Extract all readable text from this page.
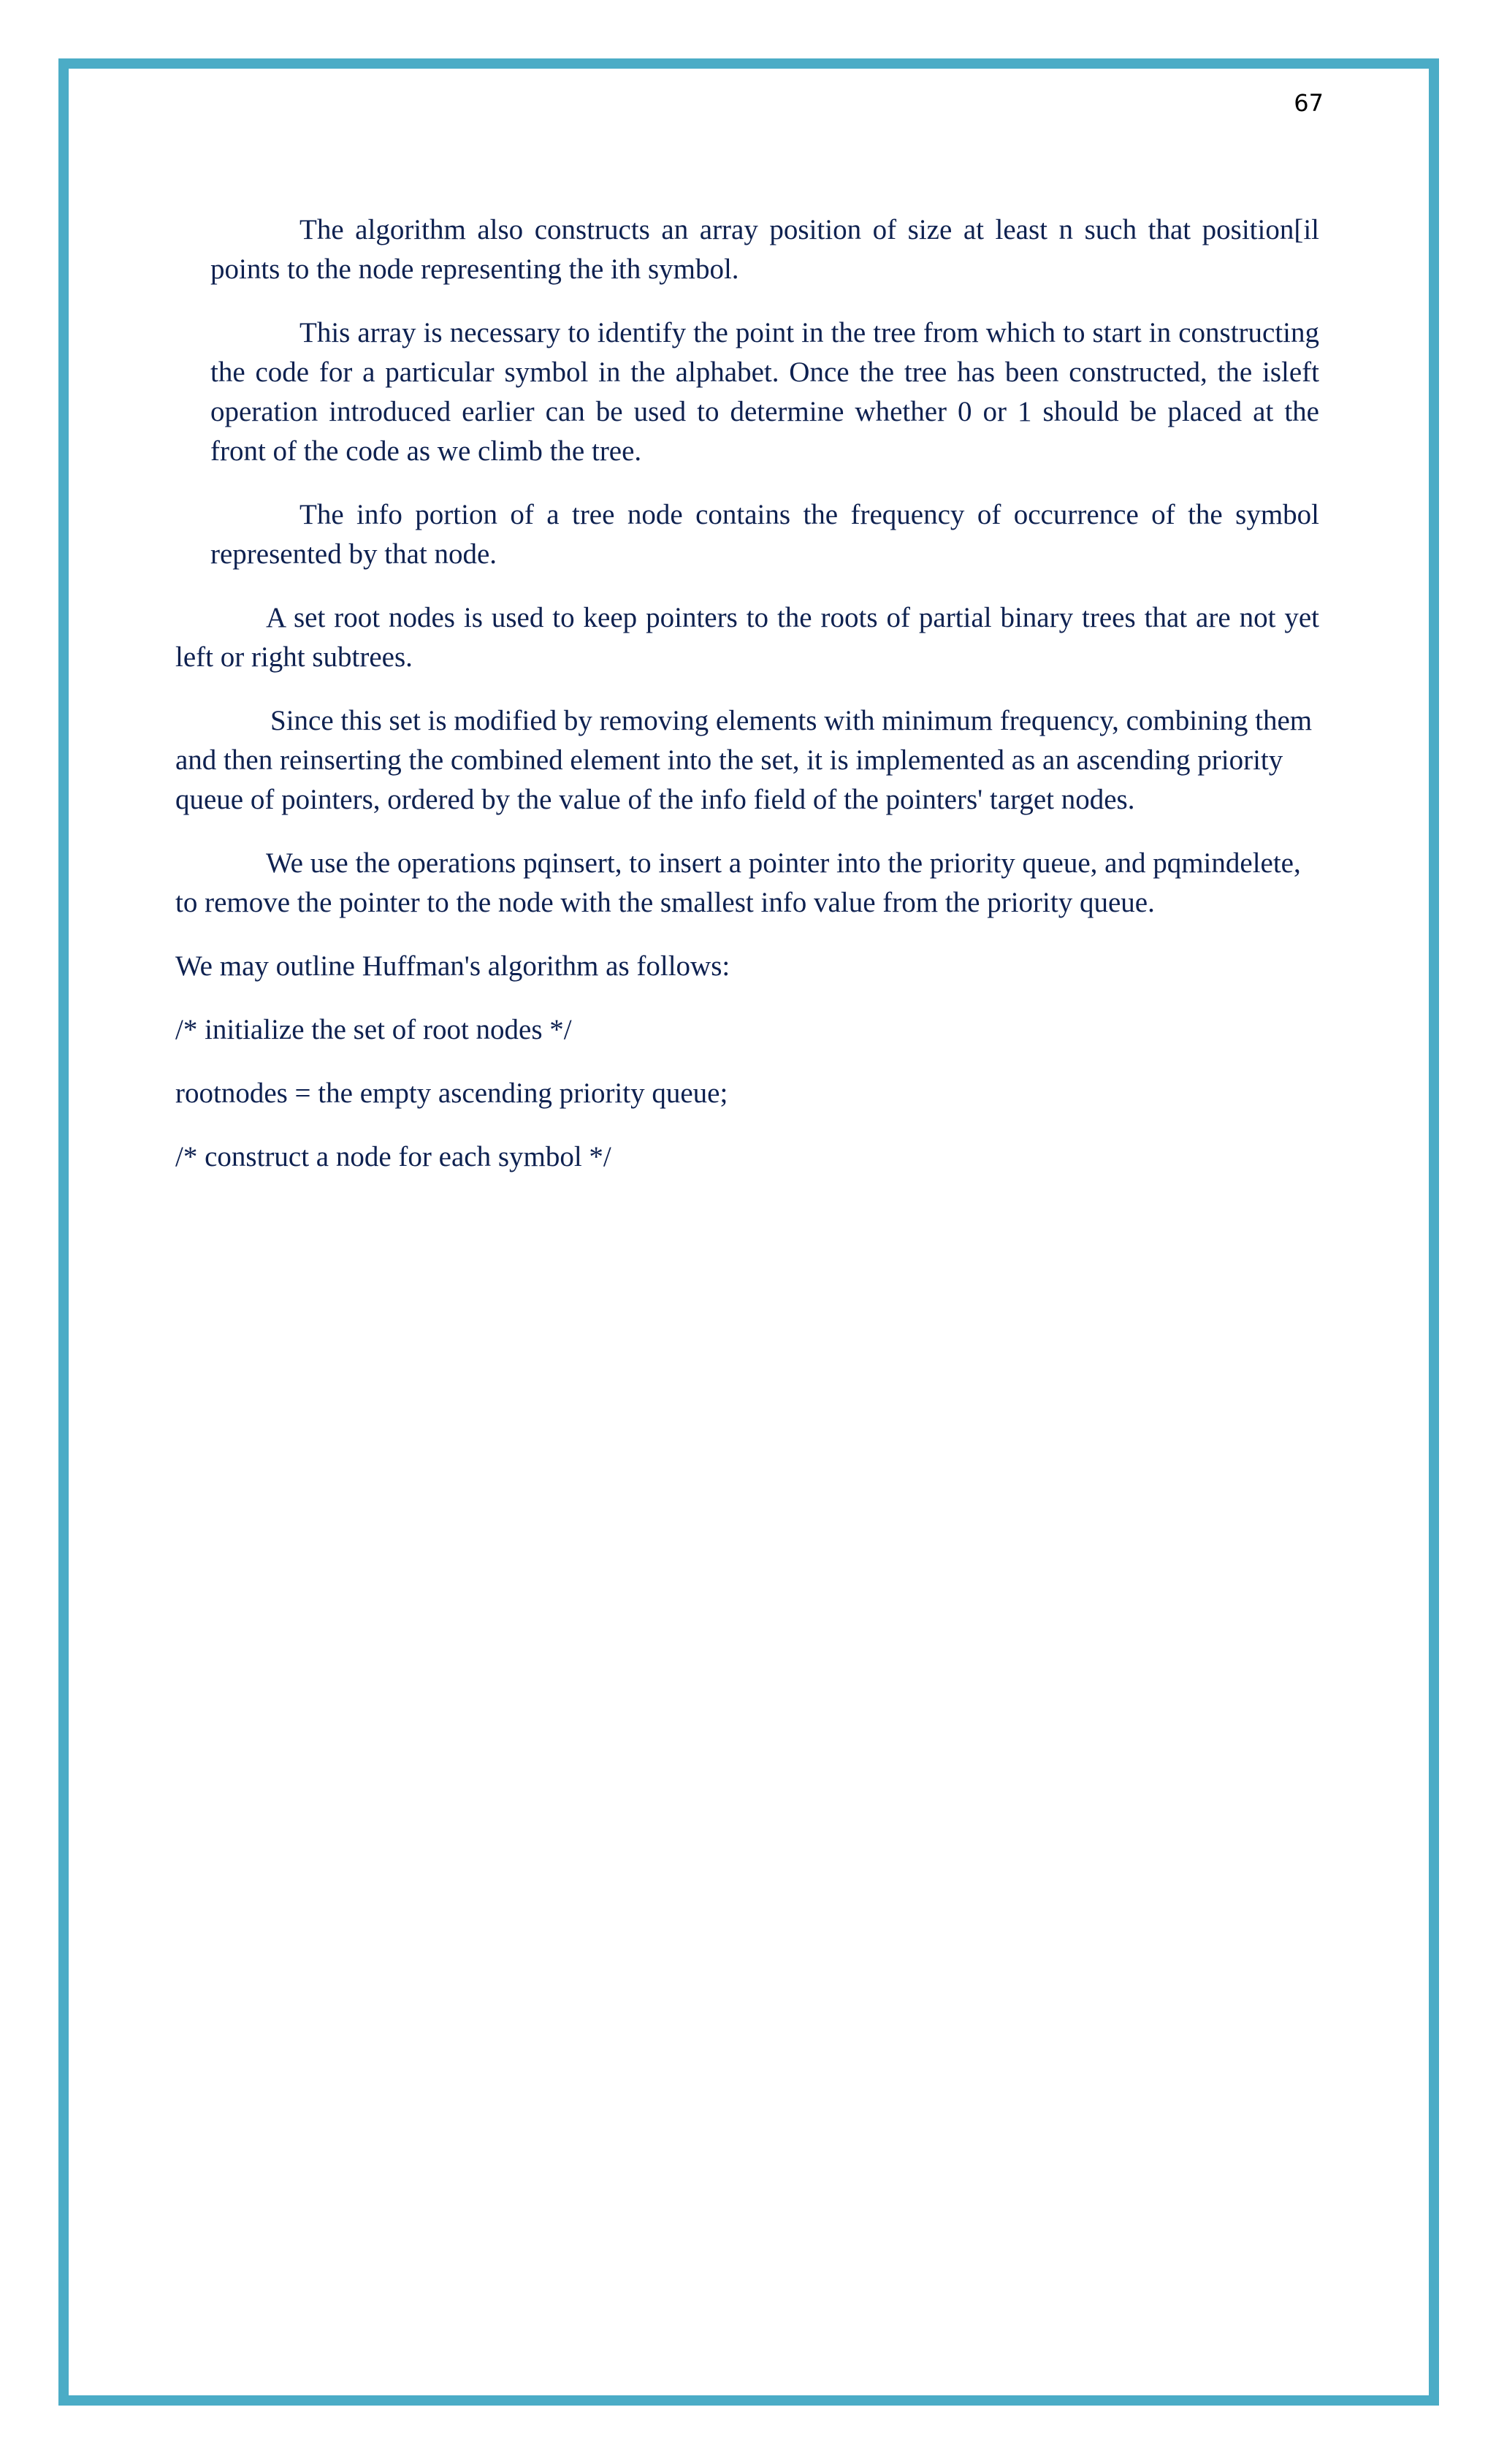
67

The algorithm also constructs an array position of size at least n such that position[il points to the node representing the ith symbol.

This array is necessary to identify the point in the tree from which to start in constructing the code for a particular symbol in the alphabet. Once the tree has been constructed, the isleft operation introduced earlier can be used to determine whether 0 or 1 should be placed at the front of the code as we climb the tree.

The info portion of a tree node contains the frequency of occurrence of the symbol represented by that node.

A set root nodes is used to keep pointers to the roots of partial binary trees that are not yet left or right subtrees.

Since this set is modified by removing elements with minimum frequency, combining them and then reinserting the combined element into the set, it is implemented as an ascending priority queue of pointers, ordered by the value of the info field of the pointers' target nodes.

We use the operations pqinsert, to insert a pointer into the priority queue, and pqmindelete, to remove the pointer to the node with the smallest info value from the priority queue.

We may outline Huffman's algorithm as follows:

/* initialize the set of root nodes */

rootnodes = the empty ascending priority queue;

/* construct a node for each symbol */
